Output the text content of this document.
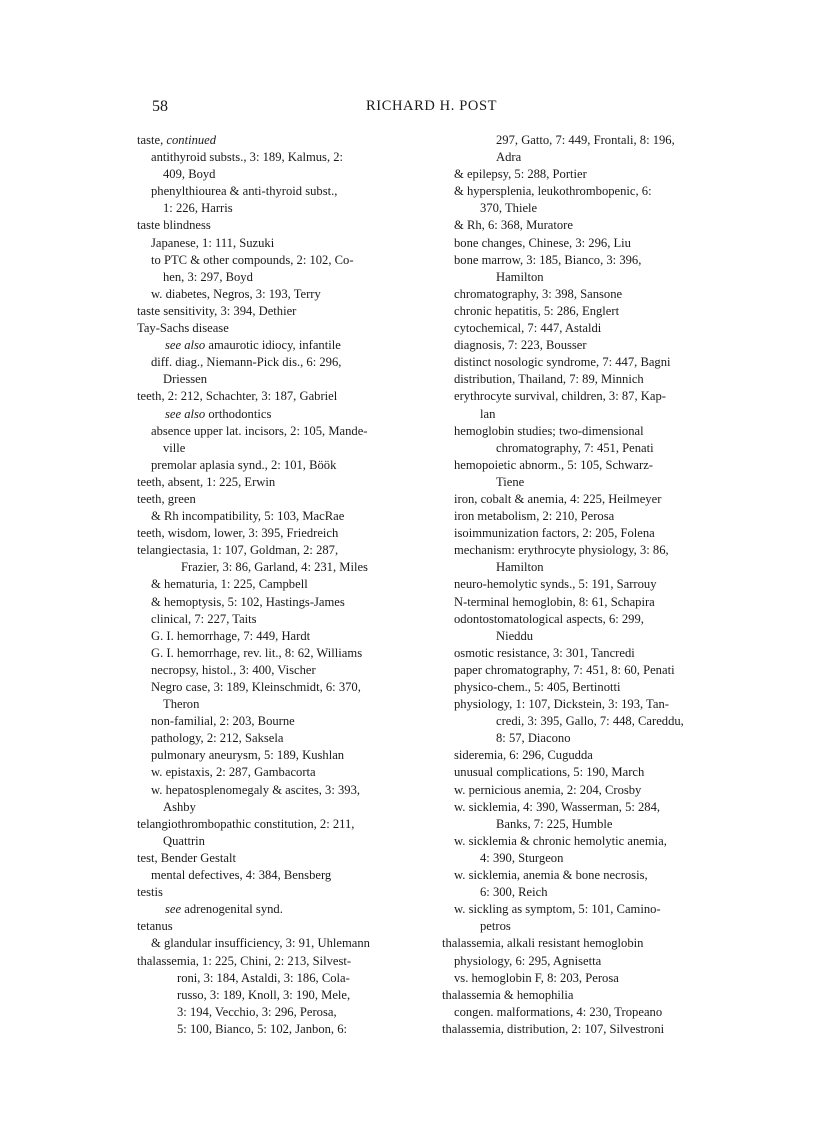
58	RICHARD H. POST
taste, continued
antithyroid substs., 3: 189, Kalmus, 2:
409, Boyd
phenylthiourea & anti-thyroid subst.,
1: 226, Harris
taste blindness
Japanese, 1: 111, Suzuki
to PTC & other compounds, 2: 102, Co-
hen, 3: 297, Boyd
w. diabetes, Negros, 3: 193, Terry
taste sensitivity, 3: 394, Dethier
Tay-Sachs disease
see also amaurotic idiocy, infantile
diff. diag., Niemann-Pick dis., 6: 296,
Driessen
teeth, 2: 212, Schachter, 3: 187, Gabriel
see also orthodontics
absence upper lat. incisors, 2: 105, Mande-
ville
premolar aplasia synd., 2: 101, Böök
teeth, absent, 1: 225, Erwin
teeth, green
& Rh incompatibility, 5: 103, MacRae
teeth, wisdom, lower, 3: 395, Friedreich
telangiectasia, 1: 107, Goldman, 2: 287,
Frazier, 3: 86, Garland, 4: 231, Miles
& hematuria, 1: 225, Campbell
& hemoptysis, 5: 102, Hastings-James
clinical, 7: 227, Taits
G. I. hemorrhage, 7: 449, Hardt
G. I. hemorrhage, rev. lit., 8: 62, Williams
necropsy, histol., 3: 400, Vischer
Negro case, 3: 189, Kleinschmidt, 6: 370,
Theron
non-familial, 2: 203, Bourne
pathology, 2: 212, Saksela
pulmonary aneurysm, 5: 189, Kushlan
w. epistaxis, 2: 287, Gambacorta
w. hepatosplenomegaly & ascites, 3: 393,
Ashby
telangiothrombopathic constitution, 2: 211,
Quattrin
test, Bender Gestalt
mental defectives, 4: 384, Bensberg
testis
see adrenogenital synd.
tetanus
& glandular insufficiency, 3: 91, Uhlemann
thalassemia, 1: 225, Chini, 2: 213, Silvest-
roni, 3: 184, Astaldi, 3: 186, Cola-
russo, 3: 189, Knoll, 3: 190, Mele,
3: 194, Vecchio, 3: 296, Perosa,
5: 100, Bianco, 5: 102, Janbon, 6:
297, Gatto, 7: 449, Frontali, 8: 196,
Adra
& epilepsy, 5: 288, Portier
& hypersplenia, leukothrombopenic, 6:
370, Thiele
& Rh, 6: 368, Muratore
bone changes, Chinese, 3: 296, Liu
bone marrow, 3: 185, Bianco, 3: 396,
Hamilton
chromatography, 3: 398, Sansone
chronic hepatitis, 5: 286, Englert
cytochemical, 7: 447, Astaldi
diagnosis, 7: 223, Bousser
distinct nosologic syndrome, 7: 447, Bagni
distribution, Thailand, 7: 89, Minnich
erythrocyte survival, children, 3: 87, Kap-
lan
hemoglobin studies; two-dimensional
chromatography, 7: 451, Penati
hemopoietic abnorm., 5: 105, Schwarz-
Tiene
iron, cobalt & anemia, 4: 225, Heilmeyer
iron metabolism, 2: 210, Perosa
isoimmunization factors, 2: 205, Folena
mechanism: erythrocyte physiology, 3: 86,
Hamilton
neuro-hemolytic synds., 5: 191, Sarrouy
N-terminal hemoglobin, 8: 61, Schapira
odontostomatological aspects, 6: 299,
Nieddu
osmotic resistance, 3: 301, Tancredi
paper chromatography, 7: 451, 8: 60, Penati
physico-chem., 5: 405, Bertinotti
physiology, 1: 107, Dickstein, 3: 193, Tan-
credi, 3: 395, Gallo, 7: 448, Careddu,
8: 57, Diacono
sideremia, 6: 296, Cugudda
unusual complications, 5: 190, March
w. pernicious anemia, 2: 204, Crosby
w. sicklemia, 4: 390, Wasserman, 5: 284,
Banks, 7: 225, Humble
w. sicklemia & chronic hemolytic anemia,
4: 390, Sturgeon
w. sicklemia, anemia & bone necrosis,
6: 300, Reich
w. sickling as symptom, 5: 101, Camino-
petros
thalassemia, alkali resistant hemoglobin
physiology, 6: 295, Agnisetta
vs. hemoglobin F, 8: 203, Perosa
thalassemia & hemophilia
congen. malformations, 4: 230, Tropeano
thalassemia, distribution, 2: 107, Silvestroni
